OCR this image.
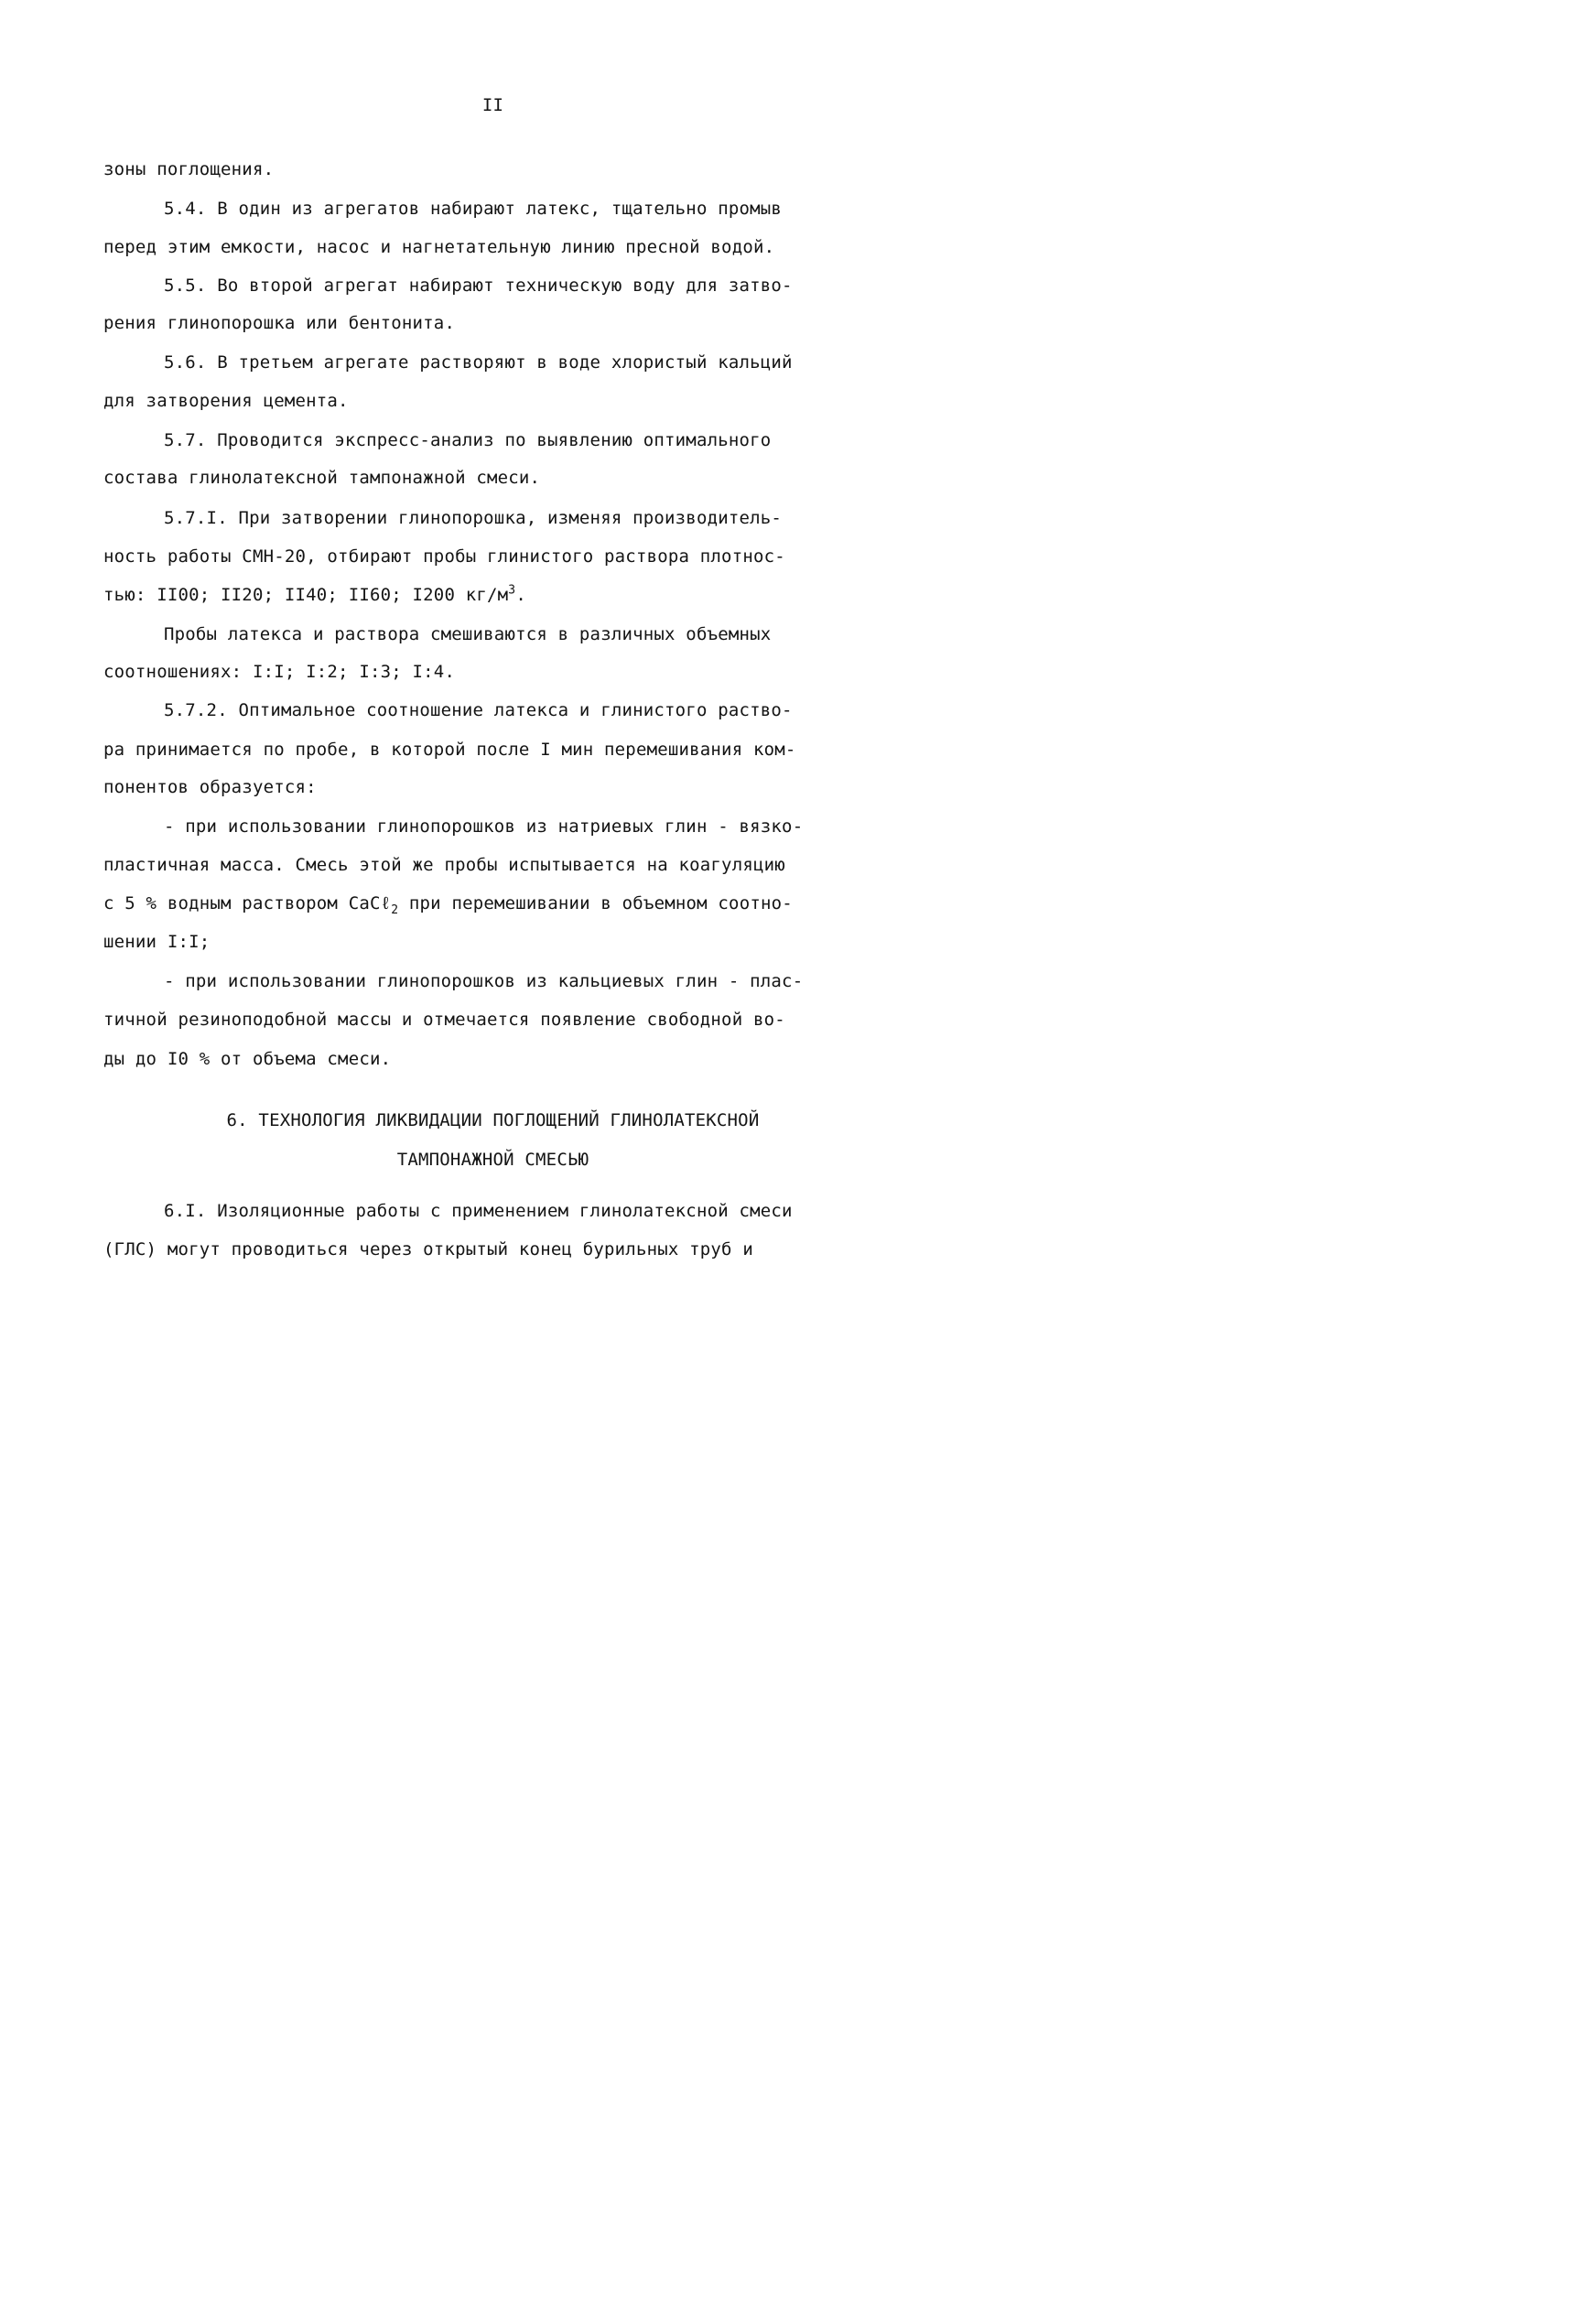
II
зоны поглощения.
5.4. В один из агрегатов набирают латекс, тщательно промыв
перед этим емкости, насос и нагнетательную линию пресной водой.
5.5. Во второй агрегат набирают техническую воду для затво-
рения глинопорошка или бентонита.
5.6. В третьем агрегате растворяют в воде хлористый кальций
для затворения цемента.
5.7. Проводится экспресс-анализ по выявлению оптимального
состава глинолатексной тампонажной смеси.
5.7.I. При затворении глинопорошка, изменяя производитель-
ность работы СМН-20, отбирают пробы глинистого раствора плотнос-
тью: II00; II20; II40; II60; I200 $кг/м^3$.
Пробы латекса и раствора смешиваются в различных объемных
соотношениях: I:I; I:2; I:3; I:4.
5.7.2. Оптимальное соотношение латекса и глинистого раство-
ра принимается по пробе, в которой после I мин перемешивания ком-
понентов образуется:
- при использовании глинопорошков из натриевых глин - вязко-
пластичная масса. Смесь этой же пробы испытывается на коагуляцию
с 5 % водным раствором CaCℓ$_2$ при перемешивании в объемном соотно-
шении I:I;
- при использовании глинопорошков из кальциевых глин - плас-
тичной резиноподобной массы и отмечается появление свободной во-
ды до I0 % от объема смеси.
6. ТЕХНОЛОГИЯ ЛИКВИДАЦИИ ПОГЛОЩЕНИЙ ГЛИНОЛАТЕКСНОЙ
ТАМПОНАЖНОЙ СМЕСЬЮ
6.I. Изоляционные работы с применением глинолатексной смеси
(ГЛС) могут проводиться через открытый конец бурильных труб и
